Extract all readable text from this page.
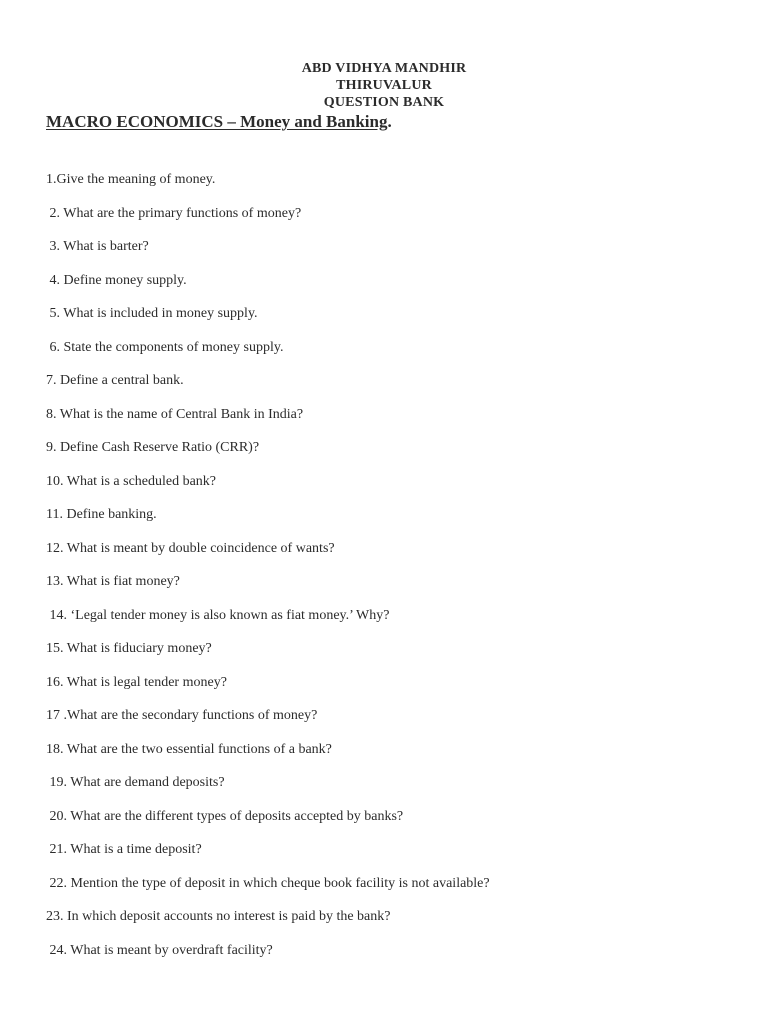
ABD VIDHYA MANDHIR
THIRUVALUR
QUESTION BANK
MACRO ECONOMICS – Money and Banking.
1.Give the meaning of money.
2. What are the primary functions of money?
3. What is barter?
4. Define money supply.
5. What is included in money supply.
6. State the components of money supply.
7. Define a central bank.
8. What is the name of Central Bank in India?
9. Define Cash Reserve Ratio (CRR)?
10. What is a scheduled bank?
11. Define banking.
12. What is meant by double coincidence of wants?
13. What is fiat money?
14. ‘Legal tender money is also known as fiat money.’ Why?
15. What is fiduciary money?
16. What is legal tender money?
17 .What are the secondary functions of money?
18. What are the two essential functions of a bank?
19. What are demand deposits?
20. What are the different types of deposits accepted by banks?
21. What is a time deposit?
22. Mention the type of deposit in which cheque book facility is not available?
23. In which deposit accounts no interest is paid by the bank?
24. What is meant by overdraft facility?
